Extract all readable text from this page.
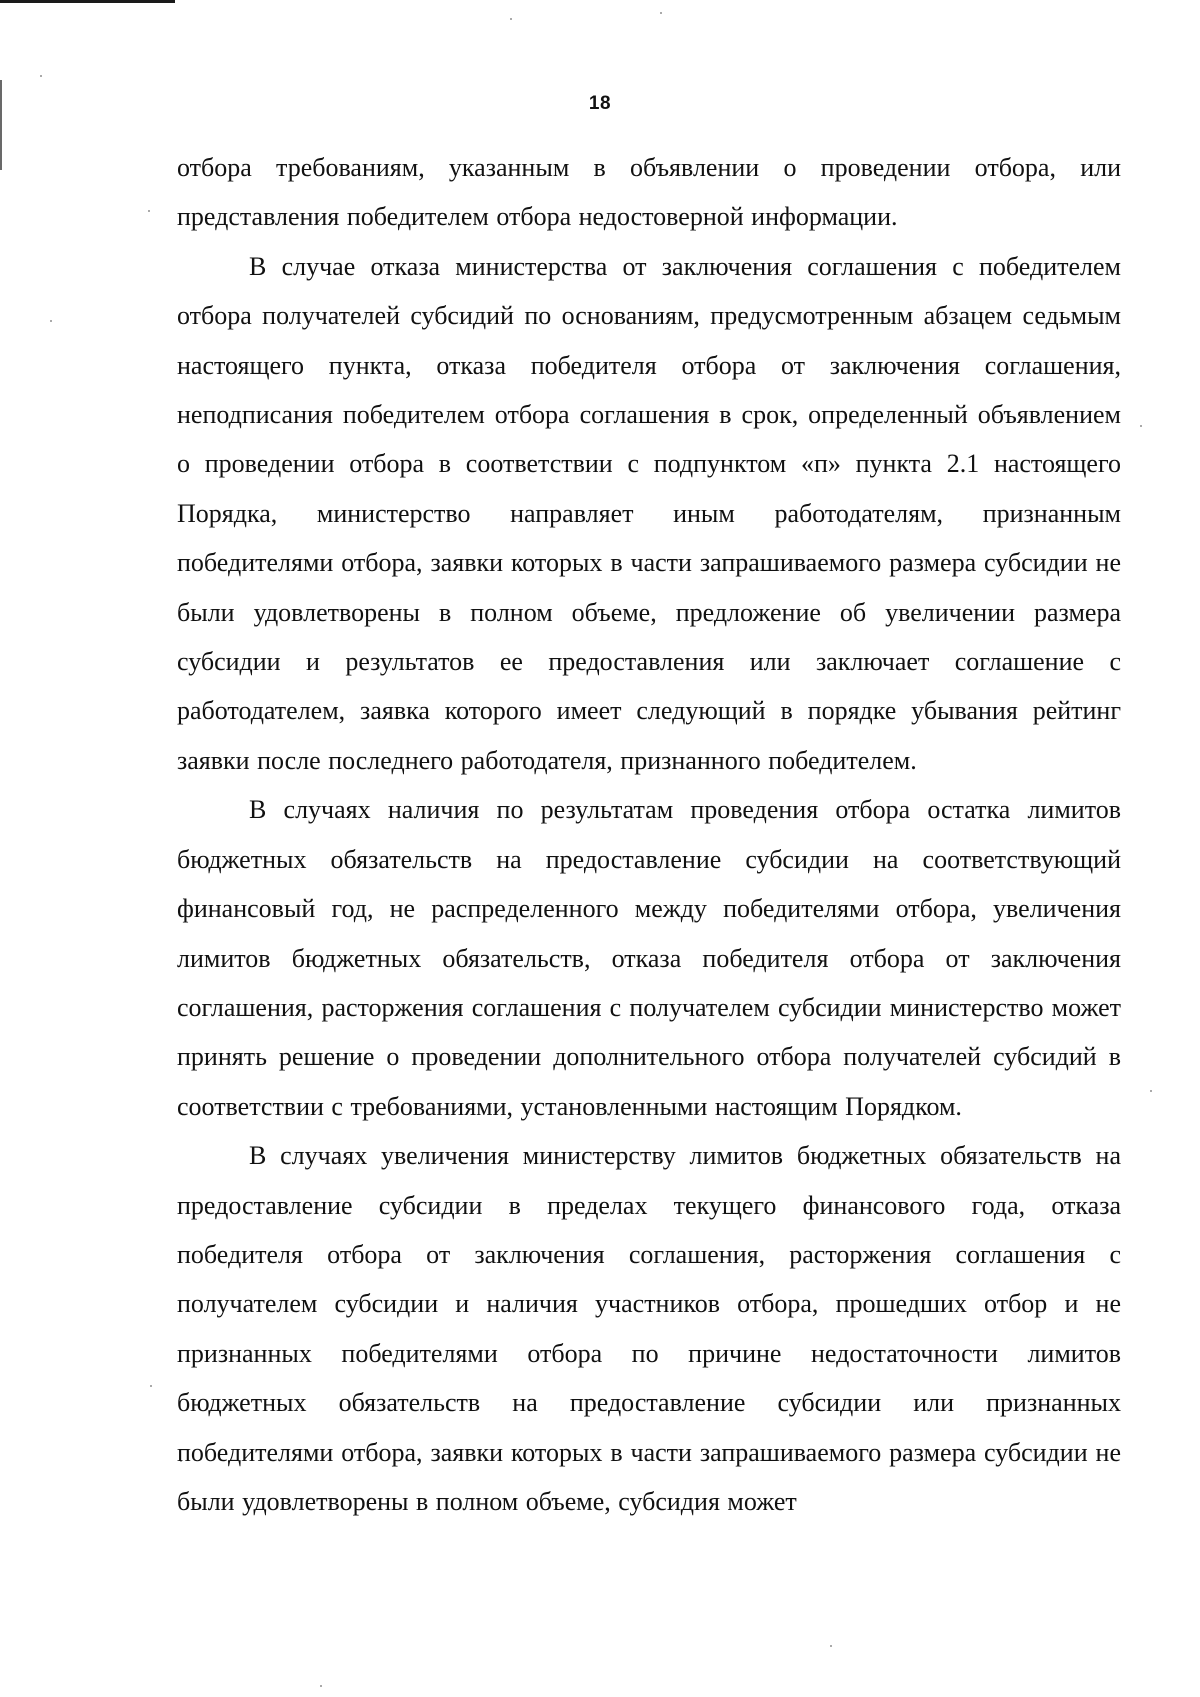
18

отбора требованиям, указанным в объявлении о проведении отбора, или представления победителем отбора недостоверной информации.

В случае отказа министерства от заключения соглашения с победителем отбора получателей субсидий по основаниям, предусмотренным абзацем седьмым настоящего пункта, отказа победителя отбора от заключения соглашения, неподписания победителем отбора соглашения в срок, определенный объявлением о проведении отбора в соответствии с подпунктом «п» пункта 2.1 настоящего Порядка, министерство направляет иным работодателям, признанным победителями отбора, заявки которых в части запрашиваемого размера субсидии не были удовлетворены в полном объеме, предложение об увеличении размера субсидии и результатов ее предоставления или заключает соглашение с работодателем, заявка которого имеет следующий в порядке убывания рейтинг заявки после последнего работодателя, признанного победителем.

В случаях наличия по результатам проведения отбора остатка лимитов бюджетных обязательств на предоставление субсидии на соответствующий финансовый год, не распределенного между победителями отбора, увеличения лимитов бюджетных обязательств, отказа победителя отбора от заключения соглашения, расторжения соглашения с получателем субсидии министерство может принять решение о проведении дополнительного отбора получателей субсидий в соответствии с требованиями, установленными настоящим Порядком.

В случаях увеличения министерству лимитов бюджетных обязательств на предоставление субсидии в пределах текущего финансового года, отказа победителя отбора от заключения соглашения, расторжения соглашения с получателем субсидии и наличия участников отбора, прошедших отбор и не признанных победителями отбора по причине недостаточности лимитов бюджетных обязательств на предоставление субсидии или признанных победителями отбора, заявки которых в части запрашиваемого размера субсидии не были удовлетворены в полном объеме, субсидия может
